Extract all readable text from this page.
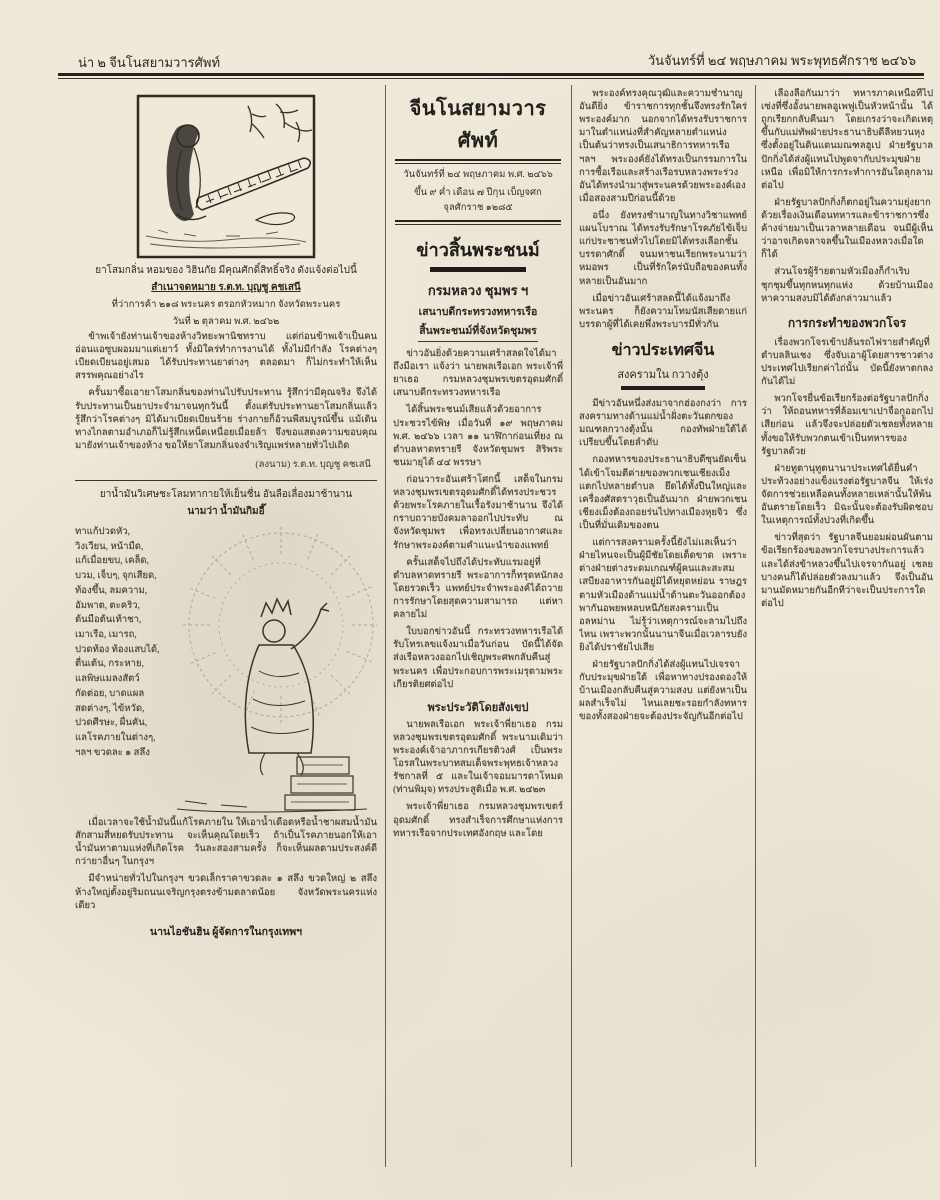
น่า ๒ จีนโนสยามวารศัพท์	วันจันทร์ที่ ๒๔ พฤษภาคม พระพุทธศักราช ๒๔๖๖
ยาโสมกลิ่น หอมของ วิฮินกัย มีคุณศักดิ์สิทธิ์จริง ดังแจ้งต่อไปนี้
สำเนาจดหมาย ร.ต.ท. บุญชู คชเสนี
ที่ว่าการค้า ๒๑๘ พระนคร ตรอกหัวหมาก จังหวัดพระนคร
วันที่ ๒ ตุลาคม พ.ศ. ๒๔๖๒

ข้าพเจ้ายังท่านเจ้าของห้างวิทยะพานิชทราบ แต่ก่อนข้าพเจ้าเป็นคนอ่อนแอซูบผอมมาแต่เยาว์ ทั้งมิใคร่ทำการงานได้ ทั้งไม่มีกำลัง โรคต่างๆ เบียดเบียนอยู่เสมอ ได้รับประทานยาต่างๆ ตลอดมา ก็ไม่กระทำให้เห็นสรรพคุณอย่างไร

ครั้นมาซื้อเอายาโสมกลิ่นของท่านไปรับประทาน รู้สึกว่ามีคุณจริง จึงได้รับประทานเป็นยาประจำมาจนทุกวันนี้ ตั้งแต่รับประทานยาโสมกลิ่นแล้ว รู้สึกว่าโรคต่างๆ มิได้มาเบียดเบียนร้าย ร่างกายก็อ้วนพีสมบูรณ์ขึ้น แม้เดินทางไกลตามอำเภอก็ไม่รู้สึกเหน็ดเหนื่อยเมื่อยล้า จึงขอแสดงความขอบคุณมายังท่านเจ้าของห้าง ขอให้ยาโสมกลิ่นจงจำเริญแพร่หลายทั่วไปเถิด

(ลงนาม) ร.ต.ท. บุญชู คชเสนี
ยาน้ำมันวิเศษชะโลมทากายให้เย็นชื่น อันลือเลื่องมาช้านาน
นามว่า น้ำมันกิมอี๊
ทาแก้ปวดหัว,
วิงเวียน, หน้ามืด,
แก้เมื่อยขบ, เคล็ด,
บวม, เจ็บๆ, จุกเสียด,
ท้องขึ้น, ลมความ,
อัมพาต, ตะคริว,
ต้นมือต้นเท้าชา,
เมาเรือ, เมารถ,
ปวดท้อง ท้องแสบได้,
ตื่นเต้น, กระหาย,
แลพิษแมลงสัตว์
กัดต่อย, บาดแผล
สดต่างๆ, ไข้หวัด,
ปวดศีรษะ, ผื่นคัน,
แลโรคภายในต่างๆ,
ฯลฯ ขวดละ ๑ สลึง

เมื่อเวลาจะใช้น้ำมันนี้แก้โรคภายใน ให้เอาน้ำเดือดหรือน้ำชาผสมน้ำมันสักสามสี่หยดรับประทาน จะเห็นคุณโดยเร็ว ถ้าเป็นโรคภายนอกให้เอาน้ำมันทาตามแห่งที่เกิดโรค วันละสองสามครั้ง ก็จะเห็นผลตามประสงค์ดีกว่ายาอื่นๆ ในกรุงฯ

มีจำหน่ายทั่วไปในกรุงฯ ขวดเล็กราคาขวดละ ๑ สลึง ขวดใหญ่ ๒ สลึง ห้างใหญ่ตั้งอยู่ริมถนนเจริญกรุงตรงข้ามตลาดน้อย จังหวัดพระนครแห่งเดียว

นานไอชันฮิน ผู้จัดการในกรุงเทพฯ
จีนโนสยามวารศัพท์
วันจันทร์ที่ ๒๔ พฤษภาคม พ.ศ. ๒๔๖๖
ขึ้น ๙ ค่ำ เดือน ๗ ปีกุน เบ็ญจศก จุลศักราช ๑๒๘๕
ข่าวสิ้นพระชนม์
กรมหลวง ชุมพร ฯ
เสนาบดีกระทรวงทหารเรือ
สิ้นพระชนม์ที่จังหวัดชุมพร

ข่าวอันยิ่งด้วยความเศร้าสลดใจได้มาถึงมือเรา แจ้งว่า นายพลเรือเอก พระเจ้าพี่ยาเธอ กรมหลวงชุมพรเขตรอุดมศักดิ์ เสนาบดีกระทรวงทหารเรือ

ได้สิ้นพระชนม์เสียแล้วด้วยอาการประชวรไข้พิษ เมื่อวันที่ ๑๙ พฤษภาคม พ.ศ. ๒๔๖๖ เวลา ๑๑ นาฬิกาก่อนเที่ยง ณ ตำบลหาดทรายรี จังหวัดชุมพร สิริพระชนมายุได้ ๔๔ พรรษา

ก่อนวาระอันเศร้าโศกนี้ เสด็จในกรมหลวงชุมพรเขตรอุดมศักดิ์ได้ทรงประชวรด้วยพระโรคภายในเรื้อรังมาช้านาน จึงได้กราบถวายบังคมลาออกไปประทับ ณ จังหวัดชุมพร เพื่อทรงเปลี่ยนอากาศและรักษาพระองค์ตามคำแนะนำของแพทย์

ครั้นเสด็จไปถึงได้ประทับแรมอยู่ที่ตำบลหาดทรายรี พระอาการก็ทรุดหนักลงโดยรวดเร็ว แพทย์ประจำพระองค์ได้ถวายการรักษาโดยสุดความสามารถ แต่หาคลายไม่

ใบบอกข่าวอันนี้ กระทรวงทหารเรือได้รับโทรเลขแจ้งมาเมื่อวันก่อน บัดนี้ได้จัดส่งเรือหลวงออกไปเชิญพระศพกลับคืนสู่พระนคร เพื่อประกอบการพระเมรุตามพระเกียรติยศต่อไป

พระประวัติโดยสังเขป

นายพลเรือเอก พระเจ้าพี่ยาเธอ กรมหลวงชุมพรเขตรอุดมศักดิ์ พระนามเดิมว่า พระองค์เจ้าอาภากรเกียรติวงศ์ เป็นพระโอรสในพระบาทสมเด็จพระพุทธเจ้าหลวงรัชกาลที่ ๕ และในเจ้าจอมมารดาโหมด (ท่านพิมุจ) ทรงประสูติเมื่อ พ.ศ. ๒๔๒๓

พระเจ้าพี่ยาเธอ กรมหลวงชุมพรเขตร์อุดมศักดิ์ ทรงสำเร็จการศึกษาแห่งการทหารเรือจากประเทศอังกฤษ และโดย

พระองค์ทรงคุณวุฒิและความชำนาญอันดียิ่ง ข้าราชการทุกชั้นจึงทรงรักใคร่พระองค์มาก นอกจากได้ทรงรับราชการมาในตำแหน่งที่สำคัญหลายตำแหน่ง เป็นต้นว่าทรงเป็นเสนาธิการทหารเรือ ฯลฯ พระองค์ยังได้ทรงเป็นกรรมการในการซื้อเรือและสร้างเรือรบหลวงพระร่วง อันได้ทรงนำมาสู่พระนครด้วยพระองค์เองเมื่อสองสามปีก่อนนี้ด้วย

อนึ่ง ยังทรงชำนาญในทางวิชาแพทย์แผนโบราณ ได้ทรงรับรักษาโรคภัยไข้เจ็บแก่ประชาชนทั่วไปโดยมิได้ทรงเลือกชั้นบรรดาศักดิ์ จนมหาชนเรียกพระนามว่าหมอพร เป็นที่รักใคร่นับถือของคนทั้งหลายเป็นอันมาก

เมื่อข่าวอันเศร้าสลดนี้ได้แจ้งมาถึงพระนคร ก็ยังความโทมนัสเสียดายแก่บรรดาผู้ที่ได้เคยพึ่งพระบารมีทั่วกัน

ข่าวประเทศจีน
สงครามใน กวางตุ้ง

มีข่าวอันหนึ่งส่งมาจากฮ่องกงว่า การสงครามทางด้านแม่น้ำฝั่งตะวันตกของมณฑลกวางตุ้งนั้น กองทัพฝ่ายใต้ได้เปรียบขึ้นโดยลำดับ

กองทหารของประธานาธิบดีซุนยัดเซ็นได้เข้าโจมตีค่ายของพวกเชนเชียงเม็งแตกไปหลายตำบล ยึดได้ทั้งปืนใหญ่และเครื่องศัสตราวุธเป็นอันมาก ฝ่ายพวกเชนเชียงเม็งต้องถอยร่นไปทางเมืองหุยจิว ซึ่งเป็นที่มั่นเดิมของตน

แต่การสงครามครั้งนี้ยังไม่แลเห็นว่าฝ่ายไหนจะเป็นผู้มีชัยโดยเด็ดขาด เพราะต่างฝ่ายต่างระดมเกณฑ์ผู้คนและสะสมเสบียงอาหารกันอยู่มิได้หยุดหย่อน ราษฎรตามหัวเมืองด้านแม่น้ำด้านตะวันออกต้องพากันอพยพหลบหนีภัยสงครามเป็นอลหม่าน ไม่รู้ว่าเหตุการณ์จะลามไปถึงไหน เพราะพวกนั้นนานาจีนเมื่อเวลารบยังยิงได้ปราชัยไปเสีย

ฝ่ายรัฐบาลปักกิ่งได้ส่งผู้แทนไปเจรจากับประมุขฝ่ายใต้ เพื่อหาทางปรองดองให้บ้านเมืองกลับคืนสู่ความสงบ แต่ยังหาเป็นผลสำเร็จไม่ ไหนเลยชะรอยกำลังทหารของทั้งสองฝ่ายจะต้องประจัญกันอีกต่อไป

เลื่องลือกันมาว่า ทหารภาคเหนือที่ไปเซ่งที่ซึ่งอั้งนายพลอูเพฟูเป็นหัวหน้านั้น ได้ถูกเรียกกลับคืนมา โดยเกรงว่าจะเกิดเหตุขึ้นกับแม่ทัพฝ่ายประธานาธิบดีลีหยวนหุงซึ่งตั้งอยู่ในดินแดนมณฑลฮูเป ฝ่ายรัฐบาลปักกิ่งได้ส่งผู้แทนไปพูดจากับประมุขฝ่ายเหนือ เพื่อมิให้การกระทำการอันใดลุกลามต่อไป

ฝ่ายรัฐบาลปักกิ่งก็ตกอยู่ในความยุ่งยากด้วยเรื่องเงินเดือนทหารและข้าราชการซึ่งค้างจ่ายมาเป็นเวลาหลายเดือน จนมีผู้เห็นว่าอาจเกิดจลาจลขึ้นในเมืองหลวงเมื่อใดก็ได้

ส่วนโจรผู้ร้ายตามหัวเมืองก็กำเริบชุกชุมขึ้นทุกหนทุกแห่ง ด้วยบ้านเมืองหาความสงบมิได้ดังกล่าวมาแล้ว

การกระทำของพวกโจร

เรื่องพวกโจรเข้าปล้นรถไฟรายสำคัญที่ตำบลลินเชง ซึ่งจับเอาผู้โดยสารชาวต่างประเทศไปเรียกค่าไถ่นั้น บัดนี้ยังหาตกลงกันได้ไม่

พวกโจรยื่นข้อเรียกร้องต่อรัฐบาลปักกิ่งว่า ให้ถอนทหารที่ล้อมเขาเปาจื่อกูออกไปเสียก่อน แล้วจึงจะปล่อยตัวเชลยทั้งหลาย ทั้งขอให้รับพวกตนเข้าเป็นทหารของรัฐบาลด้วย

ฝ่ายทูตานุทูตนานาประเทศได้ยื่นคำประท้วงอย่างแข็งแรงต่อรัฐบาลจีน ให้เร่งจัดการช่วยเหลือคนทั้งหลายเหล่านั้นให้พ้นอันตรายโดยเร็ว มิฉะนั้นจะต้องรับผิดชอบในเหตุการณ์ทั้งปวงที่เกิดขึ้น

ข่าวที่สุดว่า รัฐบาลจีนยอมผ่อนผันตามข้อเรียกร้องของพวกโจรบางประการแล้ว และได้ส่งข้าหลวงขึ้นไปเจรจากันอยู่ เชลยบางคนก็ได้ปล่อยตัวลงมาแล้ว จึงเป็นอันมานมัดหมายกันอีกทีว่าจะเป็นประการใดต่อไป
